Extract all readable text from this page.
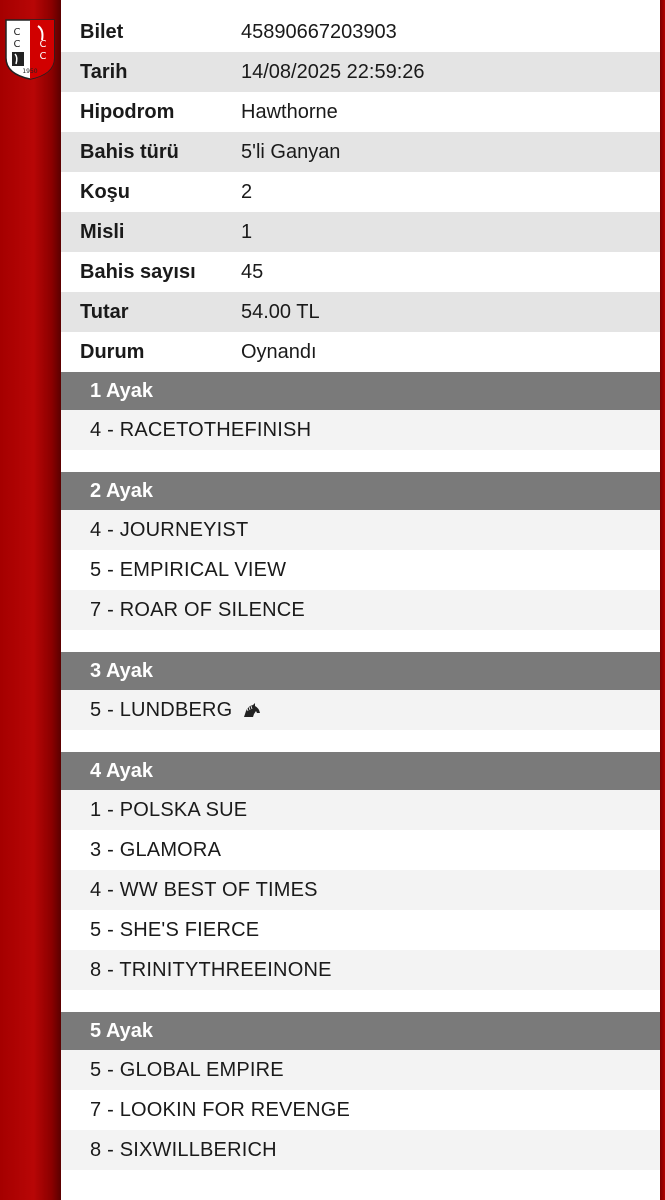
C
C C
C
1950
Bilet	45890667203903
Tarih	14/08/2025 22:59:26
Hipodrom	Hawthorne
Bahis türü	5'li Ganyan
Koşu	2
Misli	1
Bahis sayısı	45
Tutar	54.00 TL
Durum	Oynandı
1 Ayak
4 - RACETOTHEFINISH
2 Ayak
4 - JOURNEYIST
5 - EMPIRICAL VIEW
7 - ROAR OF SILENCE
3 Ayak
5 - LUNDBERG
4 Ayak
1 - POLSKA SUE
3 - GLAMORA
4 - WW BEST OF TIMES
5 - SHE'S FIERCE
8 - TRINITYTHREEINONE
5 Ayak
5 - GLOBAL EMPIRE
7 - LOOKIN FOR REVENGE
8 - SIXWILLBERICH
